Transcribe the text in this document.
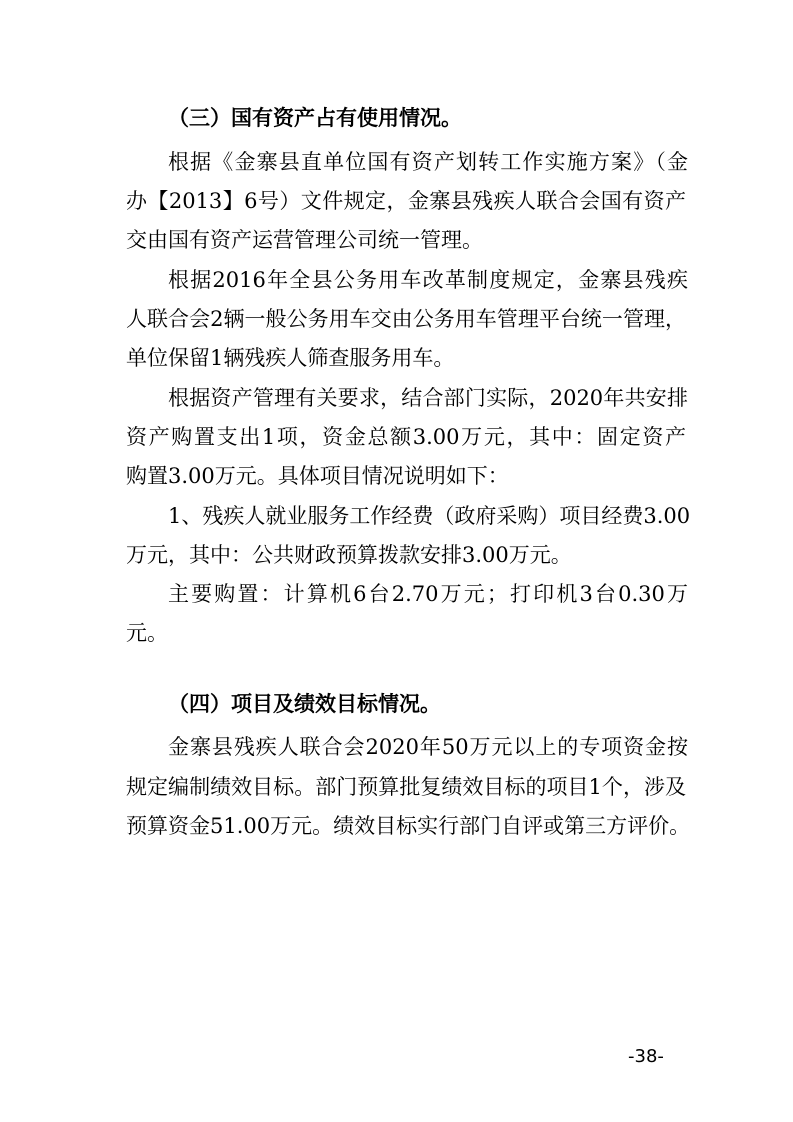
（三）国有资产占有使用情况。
根据《金寨县直单位国有资产划转工作实施方案》（金
办【2013】6号）文件规定，金寨县残疾人联合会国有资产
交由国有资产运营管理公司统一管理。
根据2016年全县公务用车改革制度规定，金寨县残疾
人联合会2辆一般公务用车交由公务用车管理平台统一管理，
单位保留1辆残疾人筛查服务用车。
根据资产管理有关要求，结合部门实际，2020年共安排
资产购置支出1项，资金总额3.00万元，其中：固定资产
购置3.00万元。具体项目情况说明如下：
1、残疾人就业服务工作经费（政府采购）项目经费3.00
万元，其中：公共财政预算拨款安排3.00万元。
主要购置：计算机6台2.70万元；打印机3台0.30万
元。
（四）项目及绩效目标情况。
金寨县残疾人联合会2020年50万元以上的专项资金按
规定编制绩效目标。部门预算批复绩效目标的项目1个，涉及
预算资金51.00万元。绩效目标实行部门自评或第三方评价。
-38-
